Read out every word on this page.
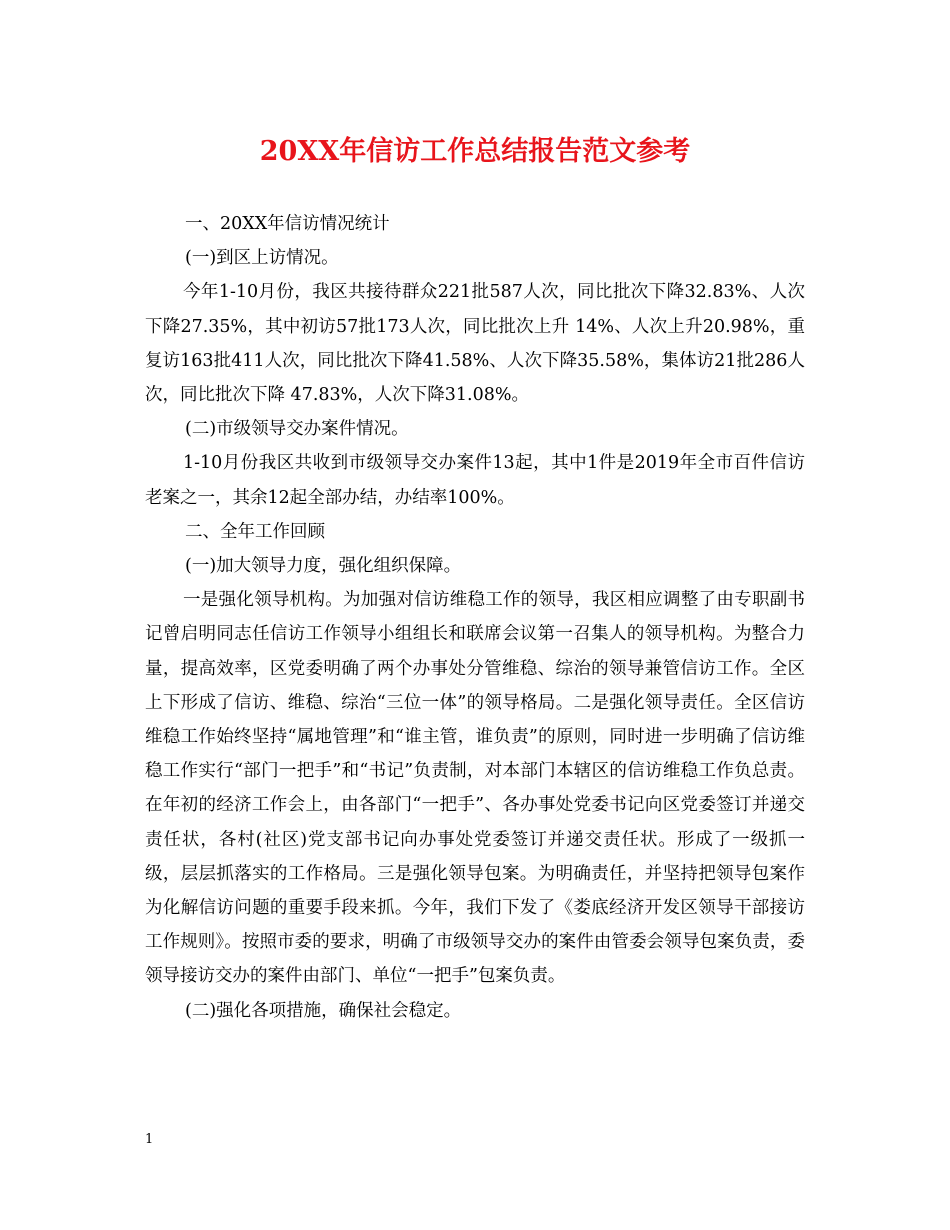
20XX年信访工作总结报告范文参考

一、20XX年信访情况统计

(一)到区上访情况。

今年1-10月份，我区共接待群众221批587人次，同比批次下降32.83%、人次下降27.35%，其中初访57批173人次，同比批次上升 14%、人次上升20.98%，重复访163批411人次，同比批次下降41.58%、人次下降35.58%，集体访21批286人次，同比批次下降 47.83%，人次下降31.08%。

(二)市级领导交办案件情况。

1-10月份我区共收到市级领导交办案件13起，其中1件是2019年全市百件信访老案之一，其余12起全部办结，办结率100%。

二、全年工作回顾

(一)加大领导力度，强化组织保障。

一是强化领导机构。为加强对信访维稳工作的领导，我区相应调整了由专职副书记曾启明同志任信访工作领导小组组长和联席会议第一召集人的领导机构。为整合力量，提高效率，区党委明确了两个办事处分管维稳、综治的领导兼管信访工作。全区上下形成了信访、维稳、综治“三位一体”的领导格局。二是强化领导责任。全区信访维稳工作始终坚持“属地管理”和“谁主管，谁负责”的原则，同时进一步明确了信访维稳工作实行“部门一把手”和“书记”负责制，对本部门本辖区的信访维稳工作负总责。在年初的经济工作会上，由各部门“一把手”、各办事处党委书记向区党委签订并递交责任状，各村(社区)党支部书记向办事处党委签订并递交责任状。形成了一级抓一级，层层抓落实的工作格局。三是强化领导包案。为明确责任，并坚持把领导包案作为化解信访问题的重要手段来抓。今年，我们下发了《娄底经济开发区领导干部接访工作规则》。按照市委的要求，明确了市级领导交办的案件由管委会领导包案负责，委领导接访交办的案件由部门、单位“一把手”包案负责。

(二)强化各项措施，确保社会稳定。

1
